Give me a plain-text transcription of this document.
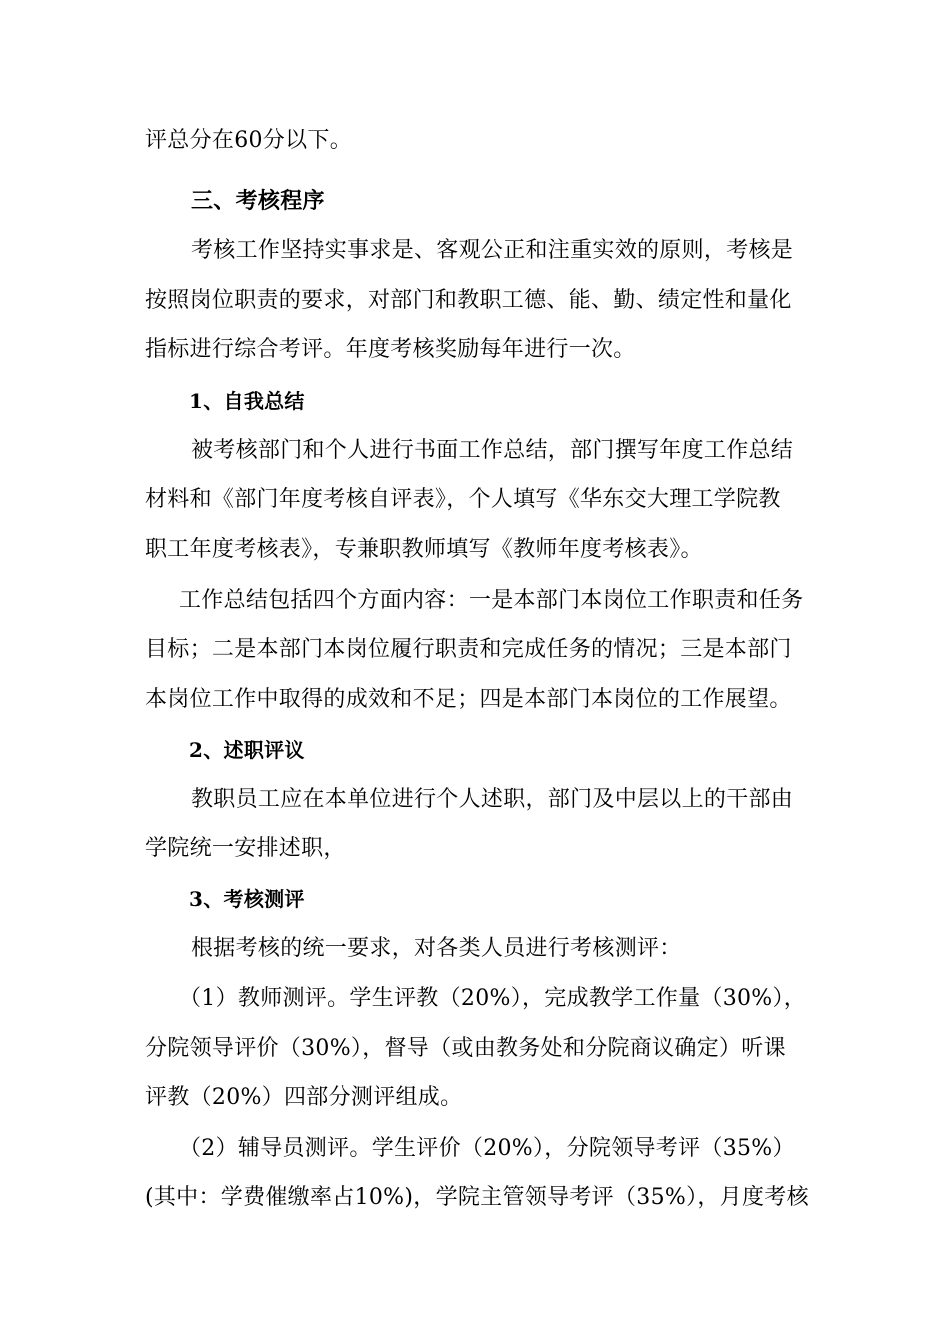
评总分在60分以下。
三、考核程序
考核工作坚持实事求是、客观公正和注重实效的原则，考核是
按照岗位职责的要求，对部门和教职工德、能、勤、绩定性和量化
指标进行综合考评。年度考核奖励每年进行一次。
1、自我总结
被考核部门和个人进行书面工作总结，部门撰写年度工作总结
材料和《部门年度考核自评表》，个人填写《华东交大理工学院教
职工年度考核表》，专兼职教师填写《教师年度考核表》。
工作总结包括四个方面内容：一是本部门本岗位工作职责和任务
目标；二是本部门本岗位履行职责和完成任务的情况；三是本部门
本岗位工作中取得的成效和不足；四是本部门本岗位的工作展望。
2、述职评议
教职员工应在本单位进行个人述职，部门及中层以上的干部由
学院统一安排述职，
3、考核测评
根据考核的统一要求，对各类人员进行考核测评：
（1）教师测评。学生评教（20%），完成教学工作量（30%），
分院领导评价（30%），督导（或由教务处和分院商议确定）听课
评教（20%）四部分测评组成。
（2）辅导员测评。学生评价（20%），分院领导考评（35%）
(其中：学费催缴率占10%)，学院主管领导考评（35%），月度考核
